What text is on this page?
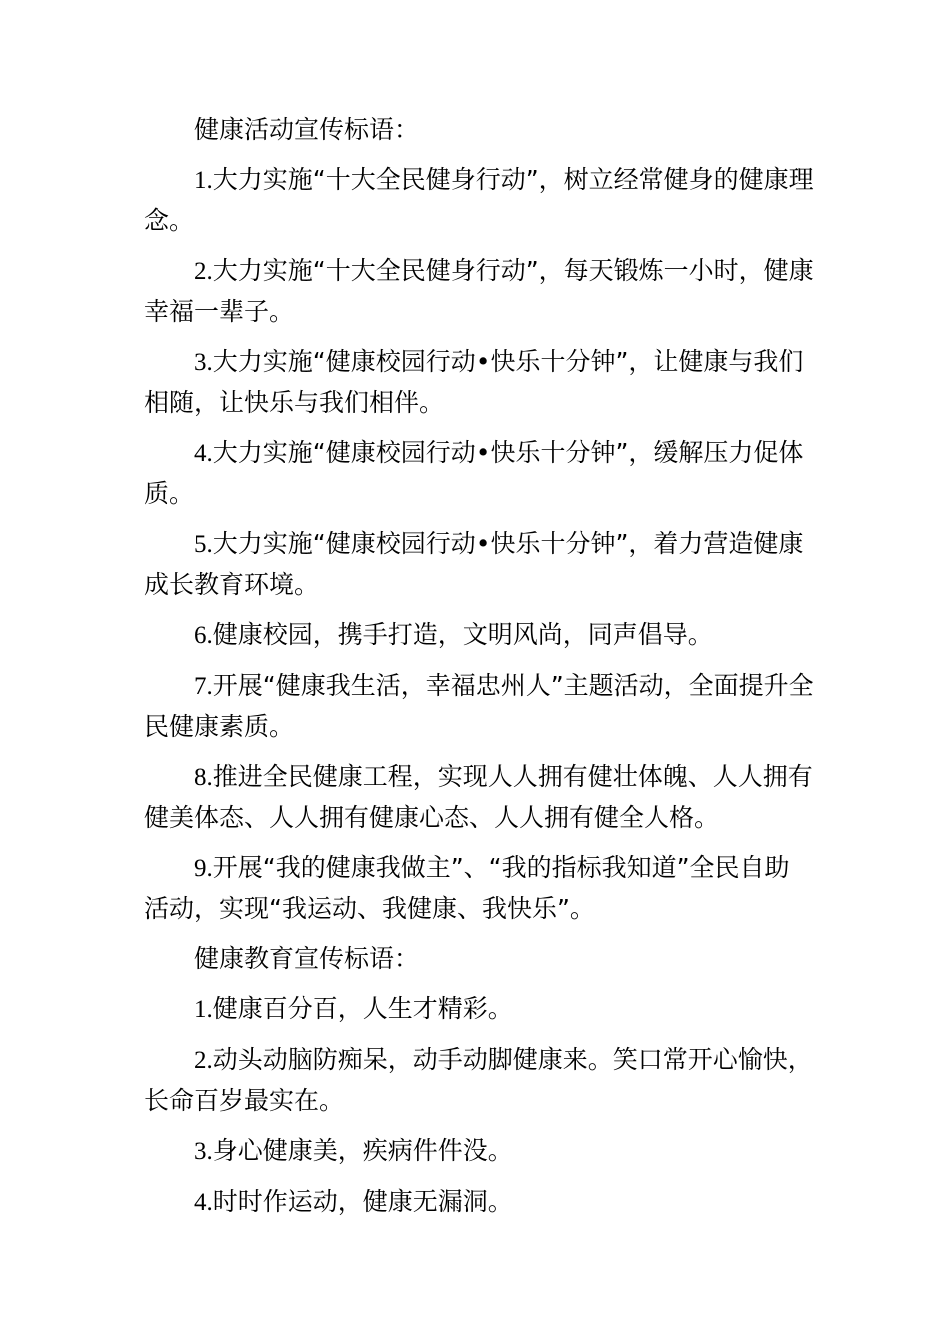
健康活动宣传标语：
1.大力实施“十大全民健身行动”，树立经常健身的健康理念。
2.大力实施“十大全民健身行动”，每天锻炼一小时，健康幸福一辈子。
3.大力实施“健康校园行动•快乐十分钟”，让健康与我们相随，让快乐与我们相伴。
4.大力实施“健康校园行动•快乐十分钟”，缓解压力促体质。
5.大力实施“健康校园行动•快乐十分钟”，着力营造健康成长教育环境。
6.健康校园，携手打造，文明风尚，同声倡导。
7.开展“健康我生活，幸福忠州人”主题活动，全面提升全民健康素质。
8.推进全民健康工程，实现人人拥有健壮体魄、人人拥有健美体态、人人拥有健康心态、人人拥有健全人格。
9.开展“我的健康我做主”、“我的指标我知道”全民自助活动，实现“我运动、我健康、我快乐”。
健康教育宣传标语：
1.健康百分百，人生才精彩。
2.动头动脑防痴呆，动手动脚健康来。笑口常开心愉快，长命百岁最实在。
3.身心健康美，疾病件件没。
4.时时作运动，健康无漏洞。
